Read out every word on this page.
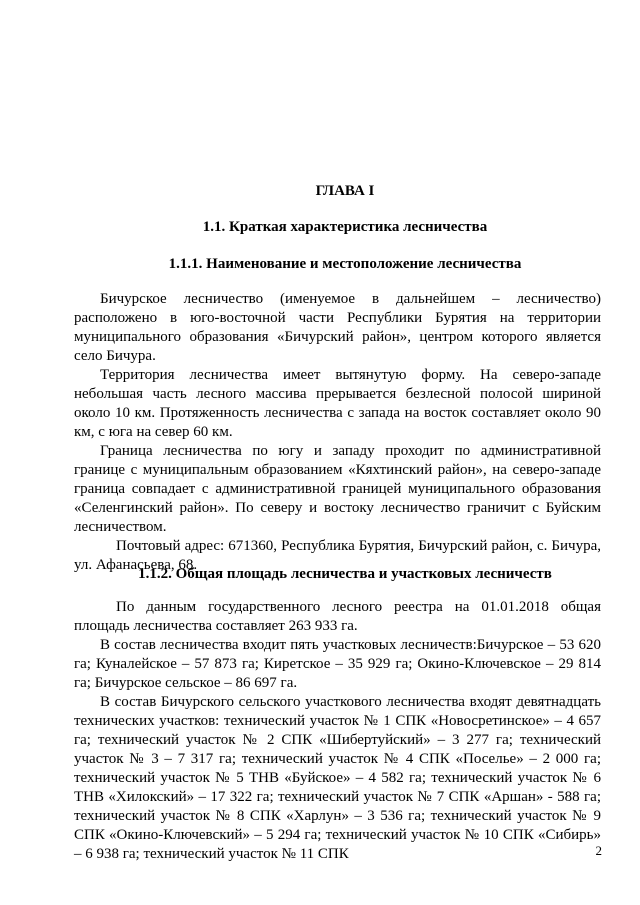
ГЛАВА I
1.1. Краткая характеристика лесничества
1.1.1. Наименование и местоположение лесничества

Бичурское лесничество (именуемое в дальнейшем – лесничество) расположено в юго-восточной части Республики Бурятия на территории муниципального образования «Бичурский район», центром которого является село Бичура.

Территория лесничества имеет вытянутую форму. На северо-западе небольшая часть лесного массива прерывается безлесной полосой шириной около 10 км. Протяженность лесничества с запада на восток составляет около 90 км, с юга на север 60 км.

Граница лесничества по югу и западу проходит по административной границе с муниципальным образованием «Кяхтинский район», на северо-западе граница совпадает с административной границей муниципального образования «Селенгинский район». По северу и востоку лесничество граничит с Буйским лесничеством.

Почтовый адрес: 671360, Республика Бурятия, Бичурский район, с. Бичура, ул. Афанасьева, 68.

1.1.2. Общая площадь лесничества и участковых лесничеств

По данным государственного лесного реестра на 01.01.2018 общая площадь лесничества составляет 263 933 га.

В состав лесничества входит пять участковых лесничеств:Бичурское – 53 620 га; Куналейское – 57 873 га; Киретское – 35 929 га; Окино-Ключевское – 29 814 га; Бичурское сельское – 86 697 га.

В состав Бичурского сельского участкового лесничества входят девятнадцать технических участков: технический участок № 1 СПК «Новосретинское» – 4 657 га; технический участок № 2 СПК «Шибертуйский» – 3 277 га; технический участок № 3 – 7 317 га; технический участок № 4 СПК «Поселье» – 2 000 га; технический участок № 5 ТНВ «Буйское» – 4 582 га; технический участок № 6 ТНВ «Хилокский» – 17 322 га; технический участок № 7 СПК «Аршан» - 588 га; технический участок № 8 СПК «Харлун» – 3 536 га; технический участок № 9 СПК «Окино-Ключевский» – 5 294 га; технический участок № 10 СПК «Сибирь» – 6 938 га; технический участок № 11 СПК	2
